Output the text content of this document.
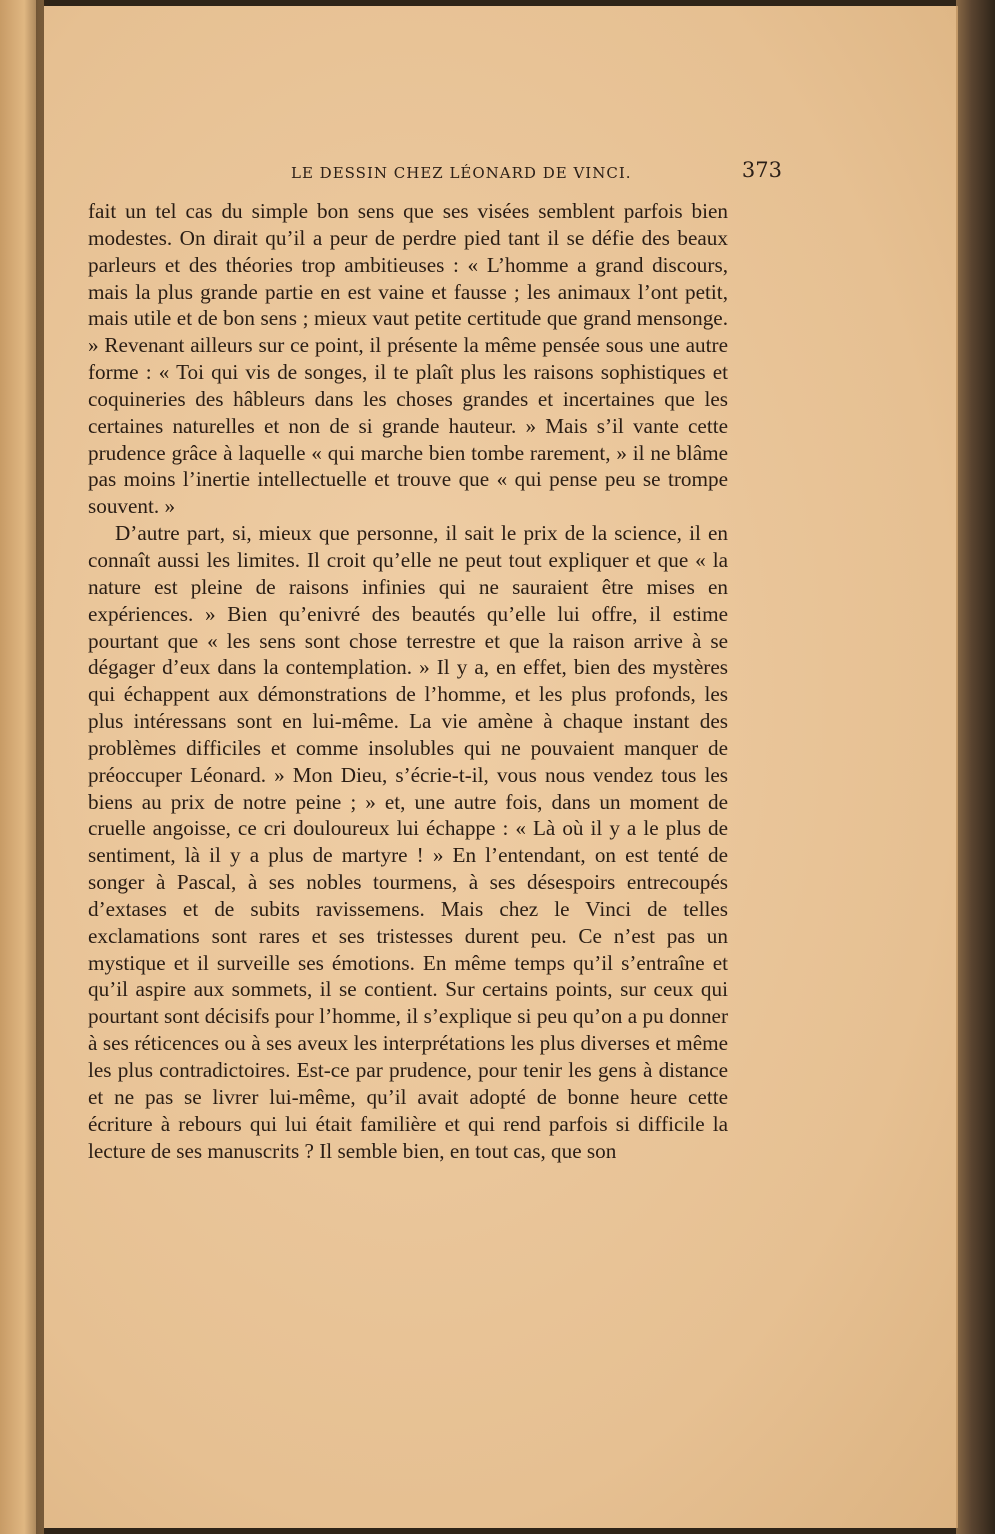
LE DESSIN CHEZ LÉONARD DE VINCI.	373

fait un tel cas du simple bon sens que ses visées semblent parfois bien modestes. On dirait qu’il a peur de perdre pied tant il se défie des beaux parleurs et des théories trop ambitieuses : « L’homme a grand discours, mais la plus grande partie en est vaine et fausse ; les animaux l’ont petit, mais utile et de bon sens ; mieux vaut petite certitude que grand mensonge. » Revenant ailleurs sur ce point, il présente la même pensée sous une autre forme : « Toi qui vis de songes, il te plaît plus les raisons sophistiques et coquineries des hâbleurs dans les choses grandes et incertaines que les certaines naturelles et non de si grande hauteur. » Mais s’il vante cette prudence grâce à laquelle « qui marche bien tombe rarement, » il ne blâme pas moins l’inertie intellectuelle et trouve que « qui pense peu se trompe souvent. »

D’autre part, si, mieux que personne, il sait le prix de la science, il en connaît aussi les limites. Il croit qu’elle ne peut tout expliquer et que « la nature est pleine de raisons infinies qui ne sauraient être mises en expériences. » Bien qu’enivré des beautés qu’elle lui offre, il estime pourtant que « les sens sont chose terrestre et que la raison arrive à se dégager d’eux dans la contemplation. » Il y a, en effet, bien des mystères qui échappent aux démonstrations de l’homme, et les plus profonds, les plus intéressans sont en lui-même. La vie amène à chaque instant des problèmes difficiles et comme insolubles qui ne pouvaient manquer de préoccuper Léonard. » Mon Dieu, s’écrie-t-il, vous nous vendez tous les biens au prix de notre peine ; » et, une autre fois, dans un moment de cruelle angoisse, ce cri douloureux lui échappe : « Là où il y a le plus de sentiment, là il y a plus de martyre ! » En l’entendant, on est tenté de songer à Pascal, à ses nobles tourmens, à ses désespoirs entrecoupés d’extases et de subits ravissemens. Mais chez le Vinci de telles exclamations sont rares et ses tristesses durent peu. Ce n’est pas un mystique et il surveille ses émotions. En même temps qu’il s’entraîne et qu’il aspire aux sommets, il se contient. Sur certains points, sur ceux qui pourtant sont décisifs pour l’homme, il s’explique si peu qu’on a pu donner à ses réticences ou à ses aveux les interprétations les plus diverses et même les plus contradictoires. Est-ce par prudence, pour tenir les gens à distance et ne pas se livrer lui-même, qu’il avait adopté de bonne heure cette écriture à rebours qui lui était familière et qui rend parfois si difficile la lecture de ses manuscrits ? Il semble bien, en tout cas, que son
